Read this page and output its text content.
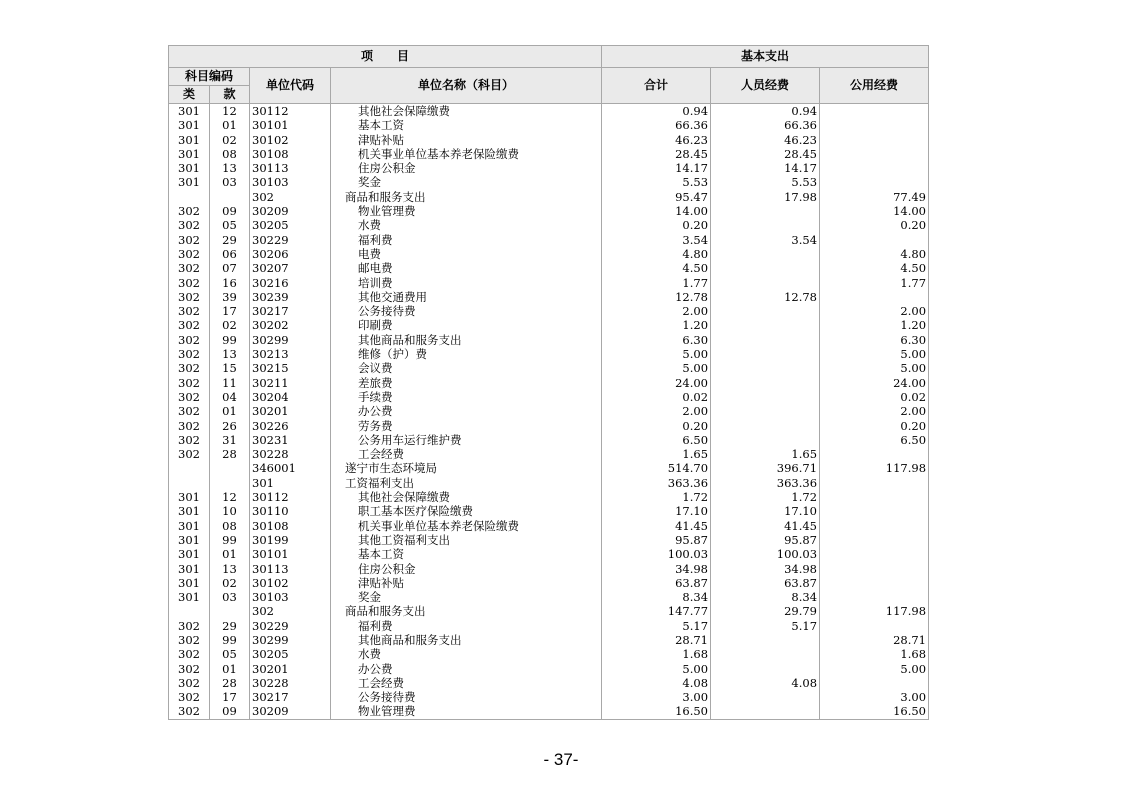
项　　目				基本支出		
科目编码		单位代码	单位名称（科目）	合计	人员经费	公用经费
类	款					
301	12	30112	其他社会保障缴费	0.94	0.94	
301	01	30101	基本工资	66.36	66.36	
301	02	30102	津贴补贴	46.23	46.23	
301	08	30108	机关事业单位基本养老保险缴费	28.45	28.45	
301	13	30113	住房公积金	14.17	14.17	
301	03	30103	奖金	5.53	5.53	
		302	商品和服务支出	95.47	17.98	77.49
302	09	30209	物业管理费	14.00		14.00
302	05	30205	水费	0.20		0.20
302	29	30229	福利费	3.54	3.54	
302	06	30206	电费	4.80		4.80
302	07	30207	邮电费	4.50		4.50
302	16	30216	培训费	1.77		1.77
302	39	30239	其他交通费用	12.78	12.78	
302	17	30217	公务接待费	2.00		2.00
302	02	30202	印刷费	1.20		1.20
302	99	30299	其他商品和服务支出	6.30		6.30
302	13	30213	维修（护）费	5.00		5.00
302	15	30215	会议费	5.00		5.00
302	11	30211	差旅费	24.00		24.00
302	04	30204	手续费	0.02		0.02
302	01	30201	办公费	2.00		2.00
302	26	30226	劳务费	0.20		0.20
302	31	30231	公务用车运行维护费	6.50		6.50
302	28	30228	工会经费	1.65	1.65	
		346001	遂宁市生态环境局	514.70	396.71	117.98
		301	工资福利支出	363.36	363.36	
301	12	30112	其他社会保障缴费	1.72	1.72	
301	10	30110	职工基本医疗保险缴费	17.10	17.10	
301	08	30108	机关事业单位基本养老保险缴费	41.45	41.45	
301	99	30199	其他工资福利支出	95.87	95.87	
301	01	30101	基本工资	100.03	100.03	
301	13	30113	住房公积金	34.98	34.98	
301	02	30102	津贴补贴	63.87	63.87	
301	03	30103	奖金	8.34	8.34	
		302	商品和服务支出	147.77	29.79	117.98
302	29	30229	福利费	5.17	5.17	
302	99	30299	其他商品和服务支出	28.71		28.71
302	05	30205	水费	1.68		1.68
302	01	30201	办公费	5.00		5.00
302	28	30228	工会经费	4.08	4.08	
302	17	30217	公务接待费	3.00		3.00
302	09	30209	物业管理费	16.50		16.50
- 37-
